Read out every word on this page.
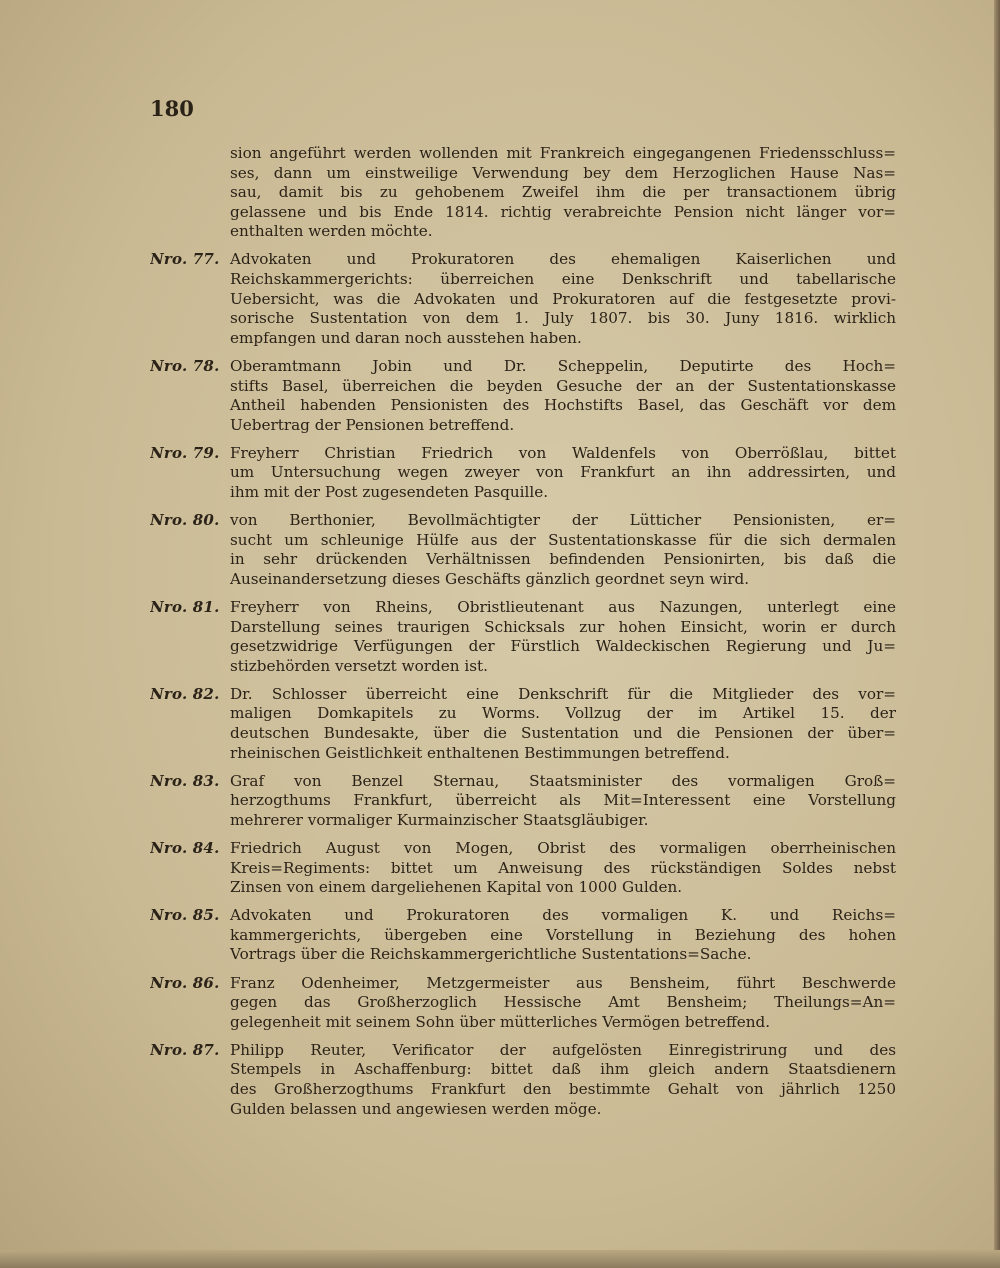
180
sion angeführt werden wollenden mit Frankreich eingegangenen Friedensschluss=
ses, dann um einstweilige Verwendung bey dem Herzoglichen Hause Nas=
sau, damit bis zu gehobenem Zweifel ihm die per transactionem übrig
gelassene und bis Ende 1814. richtig verabreichte Pension nicht länger vor=
enthalten werden möchte.
Nro. 77. Advokaten und Prokuratoren des ehemaligen Kaiserlichen und
Reichskammergerichts: überreichen eine Denkschrift und tabellarische
Uebersicht, was die Advokaten und Prokuratoren auf die festgesetzte provi-
sorische Sustentation von dem 1. July 1807. bis 30. Juny 1816. wirklich
empfangen und daran noch ausstehen haben.
Nro. 78. Oberamtmann Jobin und Dr. Scheppelin, Deputirte des Hoch=
stifts Basel, überreichen die beyden Gesuche der an der Sustentationskasse
Antheil habenden Pensionisten des Hochstifts Basel, das Geschäft vor dem
Uebertrag der Pensionen betreffend.
Nro. 79. Freyherr Christian Friedrich von Waldenfels von Oberrößlau, bittet
um Untersuchung wegen zweyer von Frankfurt an ihn addressirten, und
ihm mit der Post zugesendeten Pasquille.
Nro. 80. von Berthonier, Bevollmächtigter der Lütticher Pensionisten, er=
sucht um schleunige Hülfe aus der Sustentationskasse für die sich dermalen
in sehr drückenden Verhältnissen befindenden Pensionirten, bis daß die
Auseinandersetzung dieses Geschäfts gänzlich geordnet seyn wird.
Nro. 81. Freyherr von Rheins, Obristlieutenant aus Nazungen, unterlegt eine
Darstellung seines traurigen Schicksals zur hohen Einsicht, worin er durch
gesetzwidrige Verfügungen der Fürstlich Waldeckischen Regierung und Ju=
stizbehörden versetzt worden ist.
Nro. 82. Dr. Schlosser überreicht eine Denkschrift für die Mitglieder des vor=
maligen Domkapitels zu Worms. Vollzug der im Artikel 15. der
deutschen Bundesakte, über die Sustentation und die Pensionen der über=
rheinischen Geistlichkeit enthaltenen Bestimmungen betreffend.
Nro. 83. Graf von Benzel Sternau, Staatsminister des vormaligen Groß=
herzogthums Frankfurt, überreicht als Mit=Interessent eine Vorstellung
mehrerer vormaliger Kurmainzischer Staatsgläubiger.
Nro. 84. Friedrich August von Mogen, Obrist des vormaligen oberrheinischen
Kreis=Regiments: bittet um Anweisung des rückständigen Soldes nebst
Zinsen von einem dargeliehenen Kapital von 1000 Gulden.
Nro. 85. Advokaten und Prokuratoren des vormaligen K. und Reichs=
kammergerichts, übergeben eine Vorstellung in Beziehung des hohen
Vortrags über die Reichskammergerichtliche Sustentations=Sache.
Nro. 86. Franz Odenheimer, Metzgermeister aus Bensheim, führt Beschwerde
gegen das Großherzoglich Hessische Amt Bensheim; Theilungs=An=
gelegenheit mit seinem Sohn über mütterliches Vermögen betreffend.
Nro. 87. Philipp Reuter, Verificator der aufgelösten Einregistrirung und des
Stempels in Aschaffenburg: bittet daß ihm gleich andern Staatsdienern
des Großherzogthums Frankfurt den bestimmte Gehalt von jährlich 1250
Gulden belassen und angewiesen werden möge.
